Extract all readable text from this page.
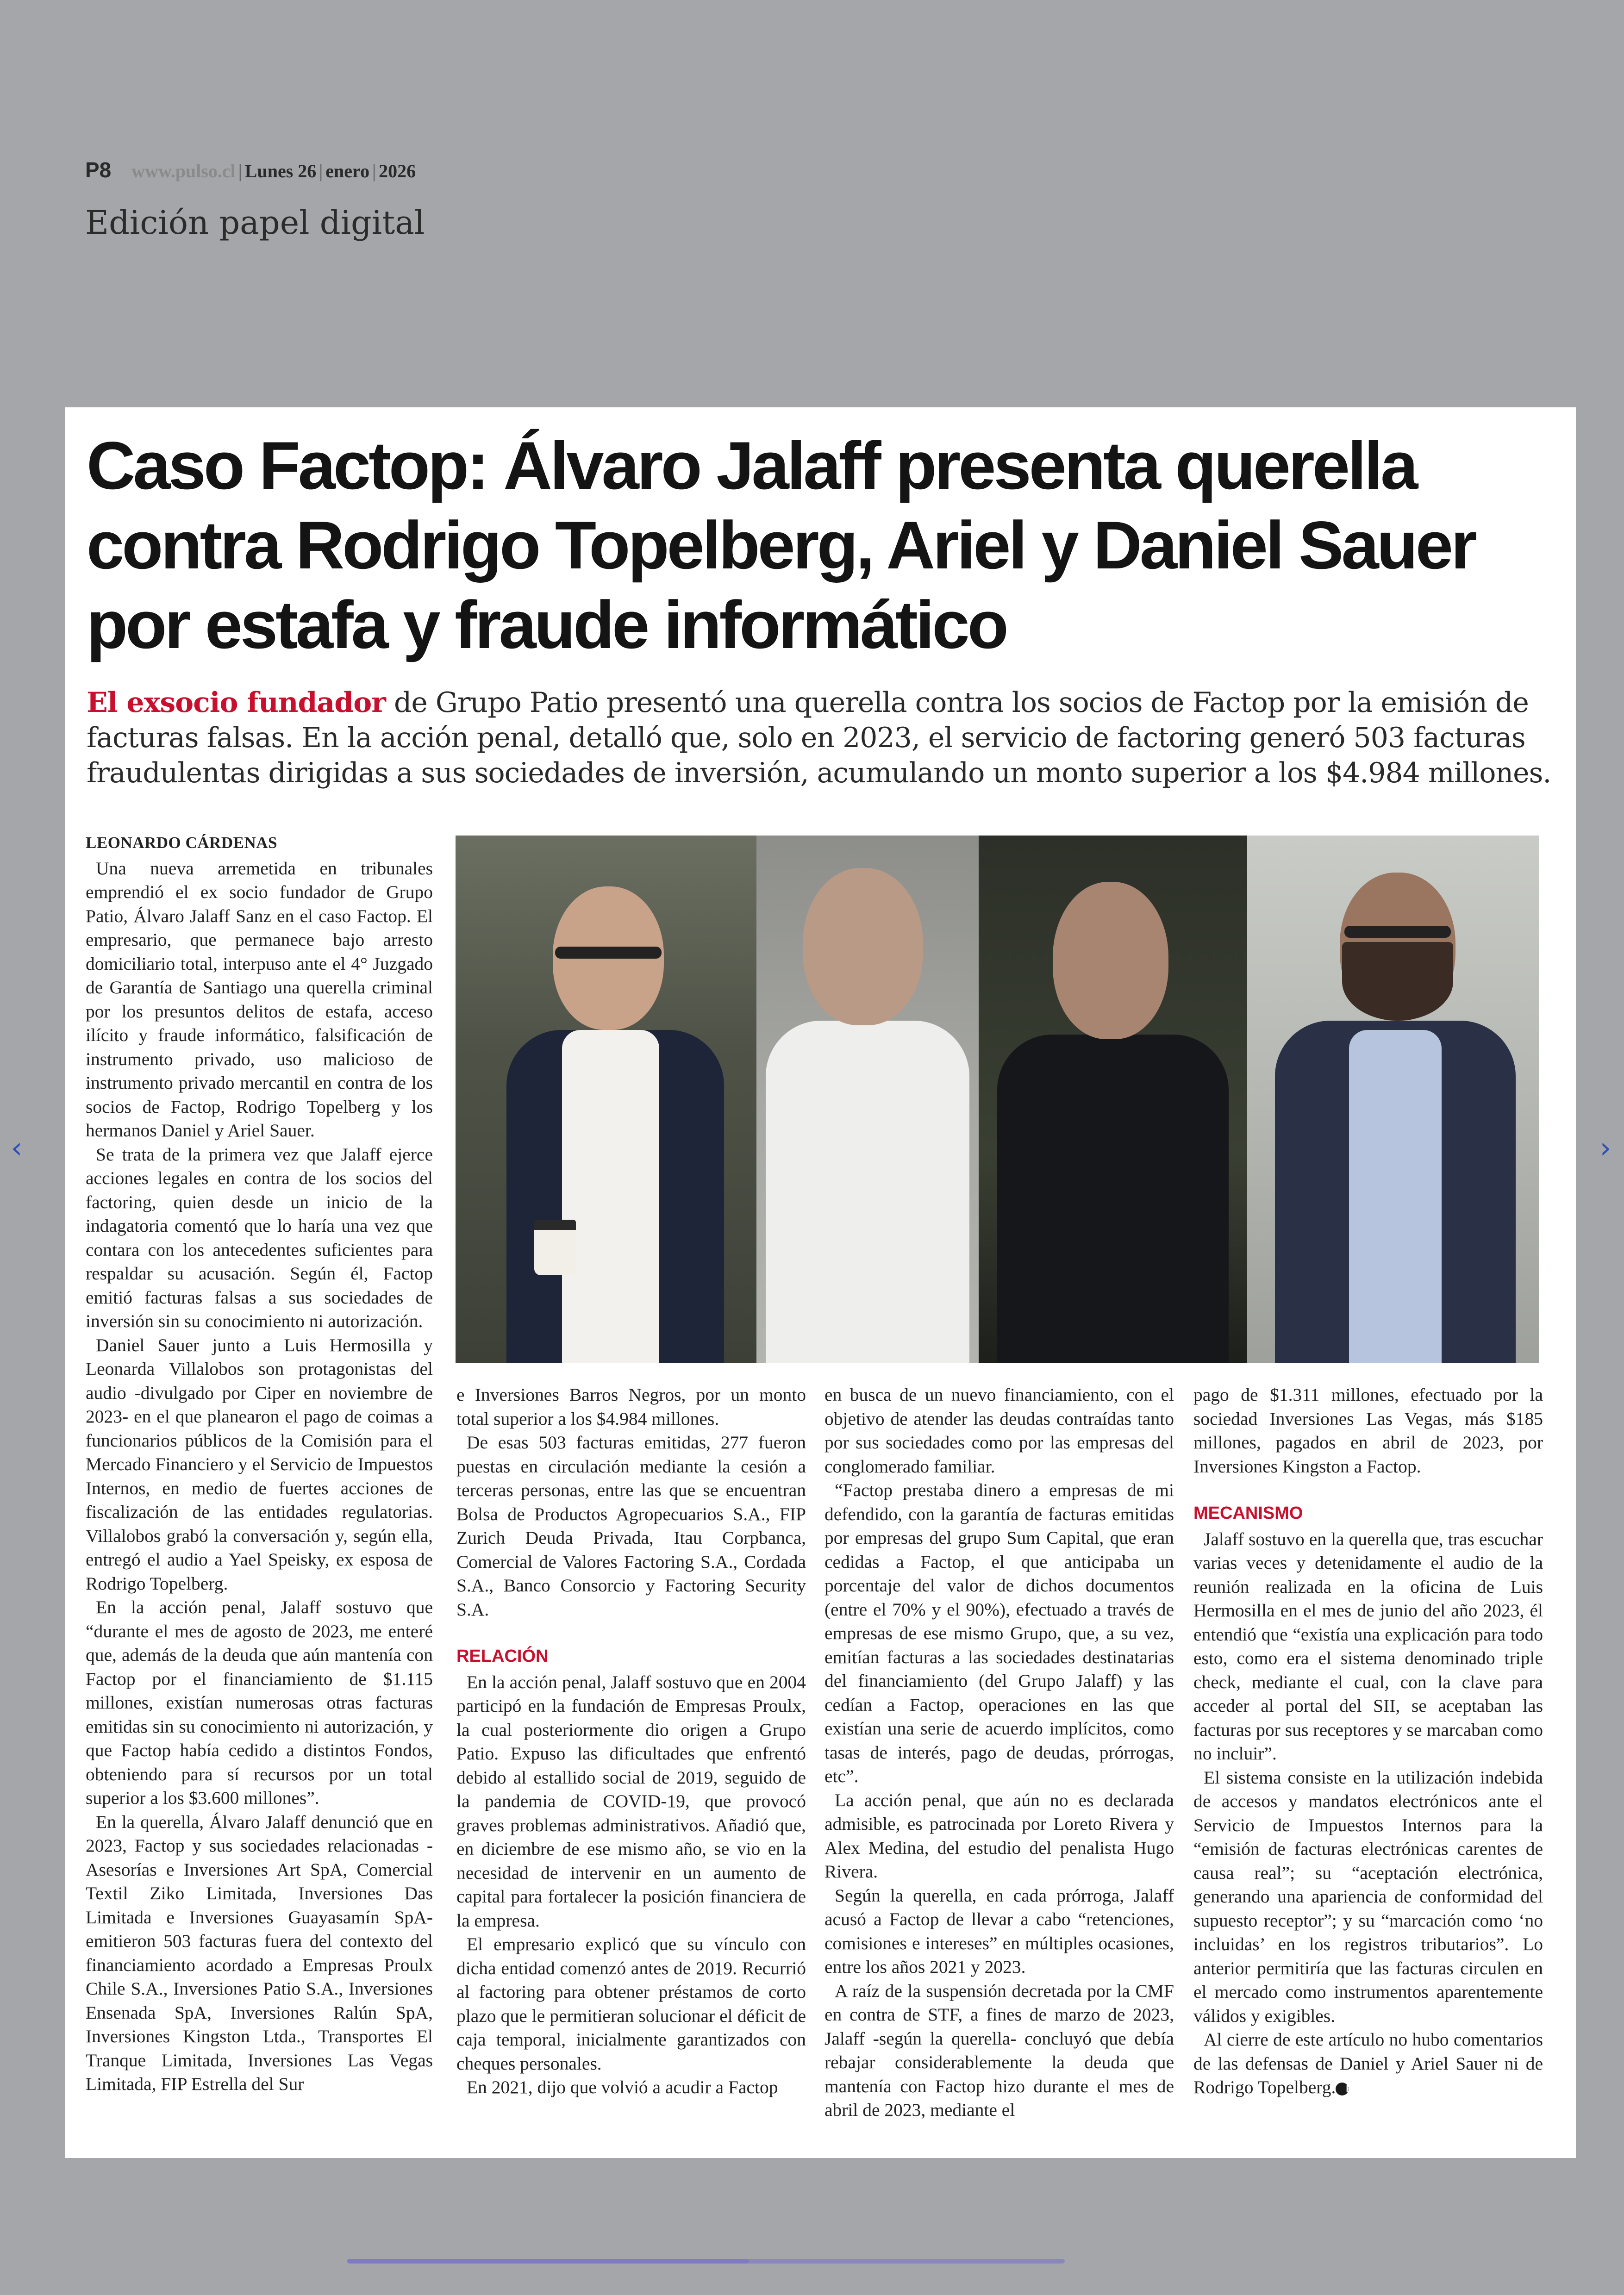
P8 www.pulso.cl | Lunes 26 | enero | 2026
Edición papel digital
‹	›
Caso Factop: Álvaro Jalaff presenta querella contra Rodrigo Topelberg, Ariel y Daniel Sauer por estafa y fraude informático
El exsocio fundador de Grupo Patio presentó una querella contra los socios de Factop por la emisión de facturas falsas. En la acción penal, detalló que, solo en 2023, el servicio de factoring generó 503 facturas fraudulentas dirigidas a sus sociedades de inversión, acumulando un monto superior a los $4.984 millones.

LEONARDO CÁRDENAS

Una nueva arremetida en tribunales emprendió el ex socio fundador de Grupo Patio, Álvaro Jalaff Sanz en el caso Factop. El empresario, que permanece bajo arresto domiciliario total, interpuso ante el 4° Juzgado de Garantía de Santiago una querella criminal por los presuntos delitos de estafa, acceso ilícito y fraude informático, falsificación de instrumento privado, uso malicioso de instrumento privado mercantil en contra de los socios de Factop, Rodrigo Topelberg y los hermanos Daniel y Ariel Sauer.

Se trata de la primera vez que Jalaff ejerce acciones legales en contra de los socios del factoring, quien desde un inicio de la indagatoria comentó que lo haría una vez que contara con los antecedentes suficientes para respaldar su acusación. Según él, Factop emitió facturas falsas a sus sociedades de inversión sin su conocimiento ni autorización.

Daniel Sauer junto a Luis Hermosilla y Leonarda Villalobos son protagonistas del audio -divulgado por Ciper en noviembre de 2023- en el que planearon el pago de coimas a funcionarios públicos de la Comisión para el Mercado Financiero y el Servicio de Impuestos Internos, en medio de fuertes acciones de fiscalización de las entidades regulatorias. Villalobos grabó la conversación y, según ella, entregó el audio a Yael Speisky, ex esposa de Rodrigo Topelberg.

En la acción penal, Jalaff sostuvo que “durante el mes de agosto de 2023, me enteré que, además de la deuda que aún mantenía con Factop por el financiamiento de $1.115 millones, existían numerosas otras facturas emitidas sin su conocimiento ni autorización, y que Factop había cedido a distintos Fondos, obteniendo para sí recursos por un total superior a los $3.600 millones”.

En la querella, Álvaro Jalaff denunció que en 2023, Factop y sus sociedades relacionadas -Asesorías e Inversiones Art SpA, Comercial Textil Ziko Limitada, Inversiones Das Limitada e Inversiones Guayasamín SpA- emitieron 503 facturas fuera del contexto del financiamiento acordado a Empresas Proulx Chile S.A., Inversiones Patio S.A., Inversiones Ensenada SpA, Inversiones Ralún SpA, Inversiones Kingston Ltda., Transportes El Tranque Limitada, Inversiones Las Vegas Limitada, FIP Estrella del Sur

e Inversiones Barros Negros, por un monto total superior a los $4.984 millones.

De esas 503 facturas emitidas, 277 fueron puestas en circulación mediante la cesión a terceras personas, entre las que se encuentran Bolsa de Productos Agropecuarios S.A., FIP Zurich Deuda Privada, Itau Corpbanca, Comercial de Valores Factoring S.A., Cordada S.A., Banco Consorcio y Factoring Security S.A.

RELACIÓN

En la acción penal, Jalaff sostuvo que en 2004 participó en la fundación de Empresas Proulx, la cual posteriormente dio origen a Grupo Patio. Expuso las dificultades que enfrentó debido al estallido social de 2019, seguido de la pandemia de COVID-19, que provocó graves problemas administrativos. Añadió que, en diciembre de ese mismo año, se vio en la necesidad de intervenir en un aumento de capital para fortalecer la posición financiera de la empresa.

El empresario explicó que su vínculo con dicha entidad comenzó antes de 2019. Recurrió al factoring para obtener préstamos de corto plazo que le permitieran solucionar el déficit de caja temporal, inicialmente garantizados con cheques personales.

En 2021, dijo que volvió a acudir a Factop

en busca de un nuevo financiamiento, con el objetivo de atender las deudas contraídas tanto por sus sociedades como por las empresas del conglomerado familiar.

“Factop prestaba dinero a empresas de mi defendido, con la garantía de facturas emitidas por empresas del grupo Sum Capital, que eran cedidas a Factop, el que anticipaba un porcentaje del valor de dichos documentos (entre el 70% y el 90%), efectuado a través de empresas de ese mismo Grupo, que, a su vez, emitían facturas a las sociedades destinatarias del financiamiento (del Grupo Jalaff) y las cedían a Factop, operaciones en las que existían una serie de acuerdo implícitos, como tasas de interés, pago de deudas, prórrogas, etc”.

La acción penal, que aún no es declarada admisible, es patrocinada por Loreto Rivera y Alex Medina, del estudio del penalista Hugo Rivera.

Según la querella, en cada prórroga, Jalaff acusó a Factop de llevar a cabo “retenciones, comisiones e intereses” en múltiples ocasiones, entre los años 2021 y 2023.

A raíz de la suspensión decretada por la CMF en contra de STF, a fines de marzo de 2023, Jalaff -según la querella- concluyó que debía rebajar considerablemente la deuda que mantenía con Factop hizo durante el mes de abril de 2023, mediante el

pago de $1.311 millones, efectuado por la sociedad Inversiones Las Vegas, más $185 millones, pagados en abril de 2023, por Inversiones Kingston a Factop.

MECANISMO

Jalaff sostuvo en la querella que, tras escuchar varias veces y detenidamente el audio de la reunión realizada en la oficina de Luis Hermosilla en el mes de junio del año 2023, él entendió que “existía una explicación para todo esto, como era el sistema denominado triple check, mediante el cual, con la clave para acceder al portal del SII, se aceptaban las facturas por sus receptores y se marcaban como no incluir”.

El sistema consiste en la utilización indebida de accesos y mandatos electrónicos ante el Servicio de Impuestos Internos para la “emisión de facturas electrónicas carentes de causa real”; su “aceptación electrónica, generando una apariencia de conformidad del supuesto receptor”; y su “marcación como ‘no incluidas’ en los registros tributarios”. Lo anterior permitiría que las facturas circulen en el mercado como instrumentos aparentemente válidos y exigibles.

Al cierre de este artículo no hubo comentarios de las defensas de Daniel y Ariel Sauer ni de Rodrigo Topelberg. P
